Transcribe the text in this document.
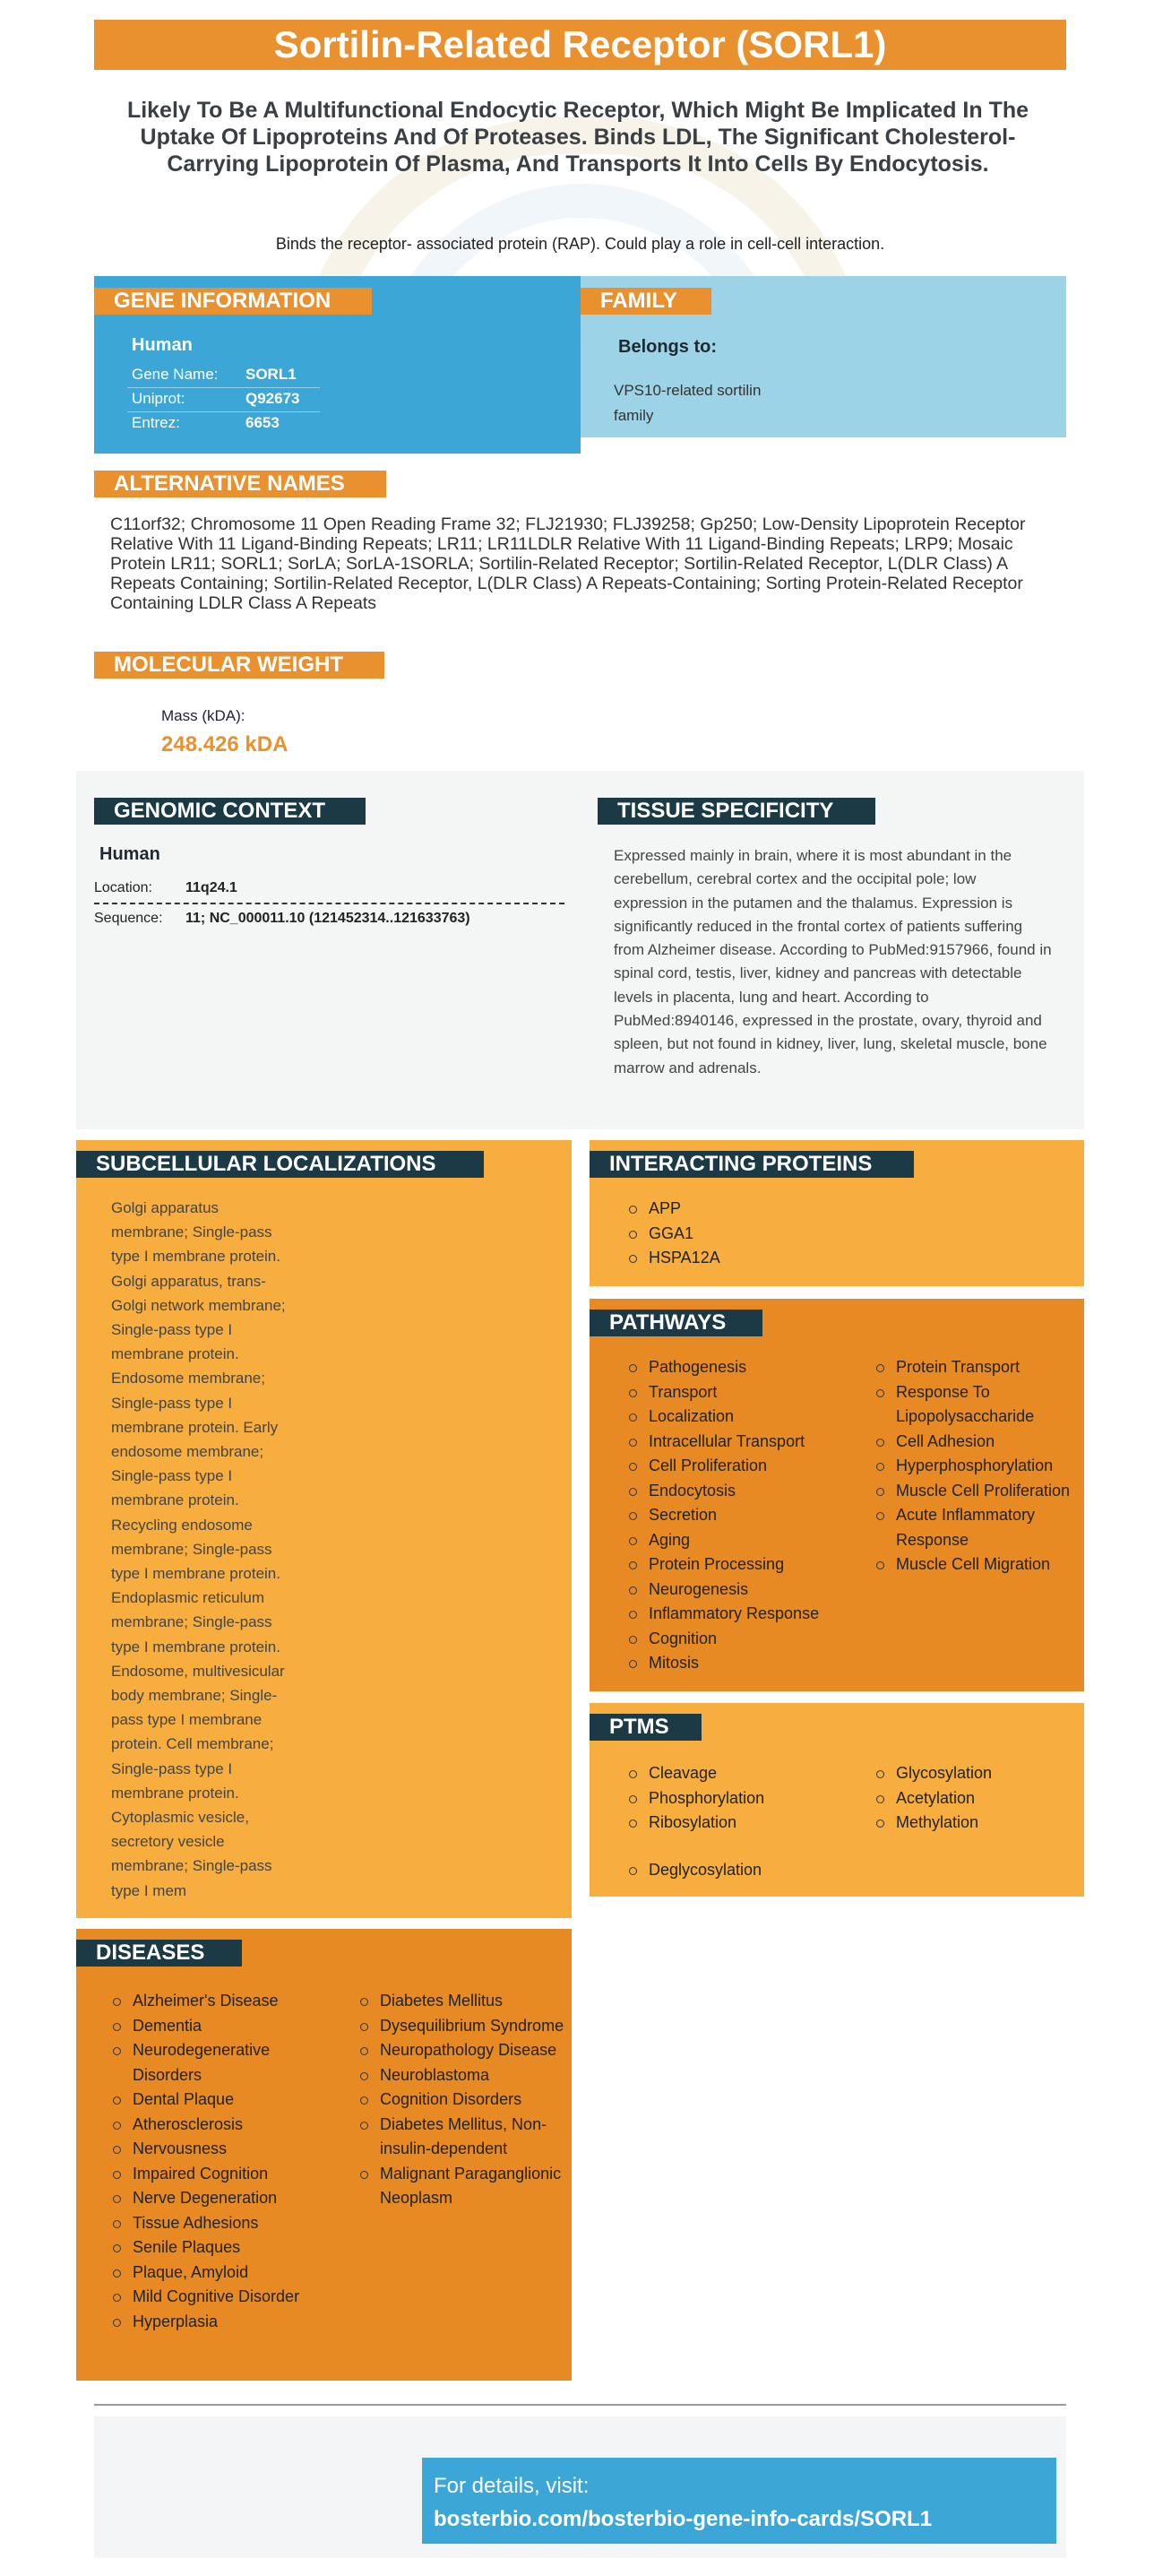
Sortilin-Related Receptor (SORL1)
Likely To Be A Multifunctional Endocytic Receptor, Which Might Be Implicated In The Uptake Of Lipoproteins And Of Proteases. Binds LDL, The Significant Cholesterol-Carrying Lipoprotein Of Plasma, And Transports It Into Cells By Endocytosis.
Binds the receptor- associated protein (RAP). Could play a role in cell-cell interaction.
GENE INFORMATION
Human
Gene Name: SORL1
Uniprot:	Q92673
Entrez:	6653
FAMILY
Belongs to:
VPS10-related sortilin
family
ALTERNATIVE NAMES
C11orf32; Chromosome 11 Open Reading Frame 32; FLJ21930; FLJ39258; Gp250; Low-Density Lipoprotein Receptor Relative With 11 Ligand-Binding Repeats; LR11; LR11LDLR Relative With 11 Ligand-Binding Repeats; LRP9; Mosaic Protein LR11; SORL1; SorLA; SorLA-1SORLA; Sortilin-Related Receptor; Sortilin-Related Receptor, L(DLR Class) A Repeats Containing; Sortilin-Related Receptor, L(DLR Class) A Repeats-Containing; Sorting Protein-Related Receptor Containing LDLR Class A Repeats
MOLECULAR WEIGHT
Mass (kDA):
248.426 kDA
GENOMIC CONTEXT
Human
Location: 11q24.1
Sequence: 11; NC_000011.10 (121452314..121633763)
TISSUE SPECIFICITY
Expressed mainly in brain, where it is most abundant in the cerebellum, cerebral cortex and the occipital pole; low expression in the putamen and the thalamus. Expression is significantly reduced in the frontal cortex of patients suffering from Alzheimer disease. According to PubMed:9157966, found in spinal cord, testis, liver, kidney and pancreas with detectable levels in placenta, lung and heart. According to PubMed:8940146, expressed in the prostate, ovary, thyroid and spleen, but not found in kidney, liver, lung, skeletal muscle, bone marrow and adrenals.
SUBCELLULAR LOCALIZATIONS
Golgi apparatus membrane; Single-pass type I membrane protein. Golgi apparatus, trans-Golgi network membrane; Single-pass type I membrane protein. Endosome membrane; Single-pass type I membrane protein. Early endosome membrane; Single-pass type I membrane protein. Recycling endosome membrane; Single-pass type I membrane protein. Endoplasmic reticulum membrane; Single-pass type I membrane protein. Endosome, multivesicular body membrane; Single-pass type I membrane protein. Cell membrane; Single-pass type I membrane protein. Cytoplasmic vesicle, secretory vesicle membrane; Single-pass type I mem
INTERACTING PROTEINS
APP
GGA1
HSPA12A
PATHWAYS
Pathogenesis
Transport
Localization
Intracellular Transport
Cell Proliferation
Endocytosis
Secretion
Aging
Protein Processing
Neurogenesis
Inflammatory Response
Cognition
Mitosis
Protein Transport
Response To Lipopolysaccharide
Cell Adhesion
Hyperphosphorylation
Muscle Cell Proliferation
Acute Inflammatory Response
Muscle Cell Migration
PTMS
Cleavage
Phosphorylation
Ribosylation
Glycosylation
Acetylation
Methylation
Deglycosylation
DISEASES
Alzheimer's Disease
Dementia
Neurodegenerative Disorders
Dental Plaque
Atherosclerosis
Nervousness
Impaired Cognition
Nerve Degeneration
Tissue Adhesions
Senile Plaques
Plaque, Amyloid
Mild Cognitive Disorder
Hyperplasia
Diabetes Mellitus
Dysequilibrium Syndrome
Neuropathology Disease
Neuroblastoma
Cognition Disorders
Diabetes Mellitus, Non-insulin-dependent
Malignant Paraganglionic Neoplasm
For details, visit:
bosterbio.com/bosterbio-gene-info-cards/SORL1
